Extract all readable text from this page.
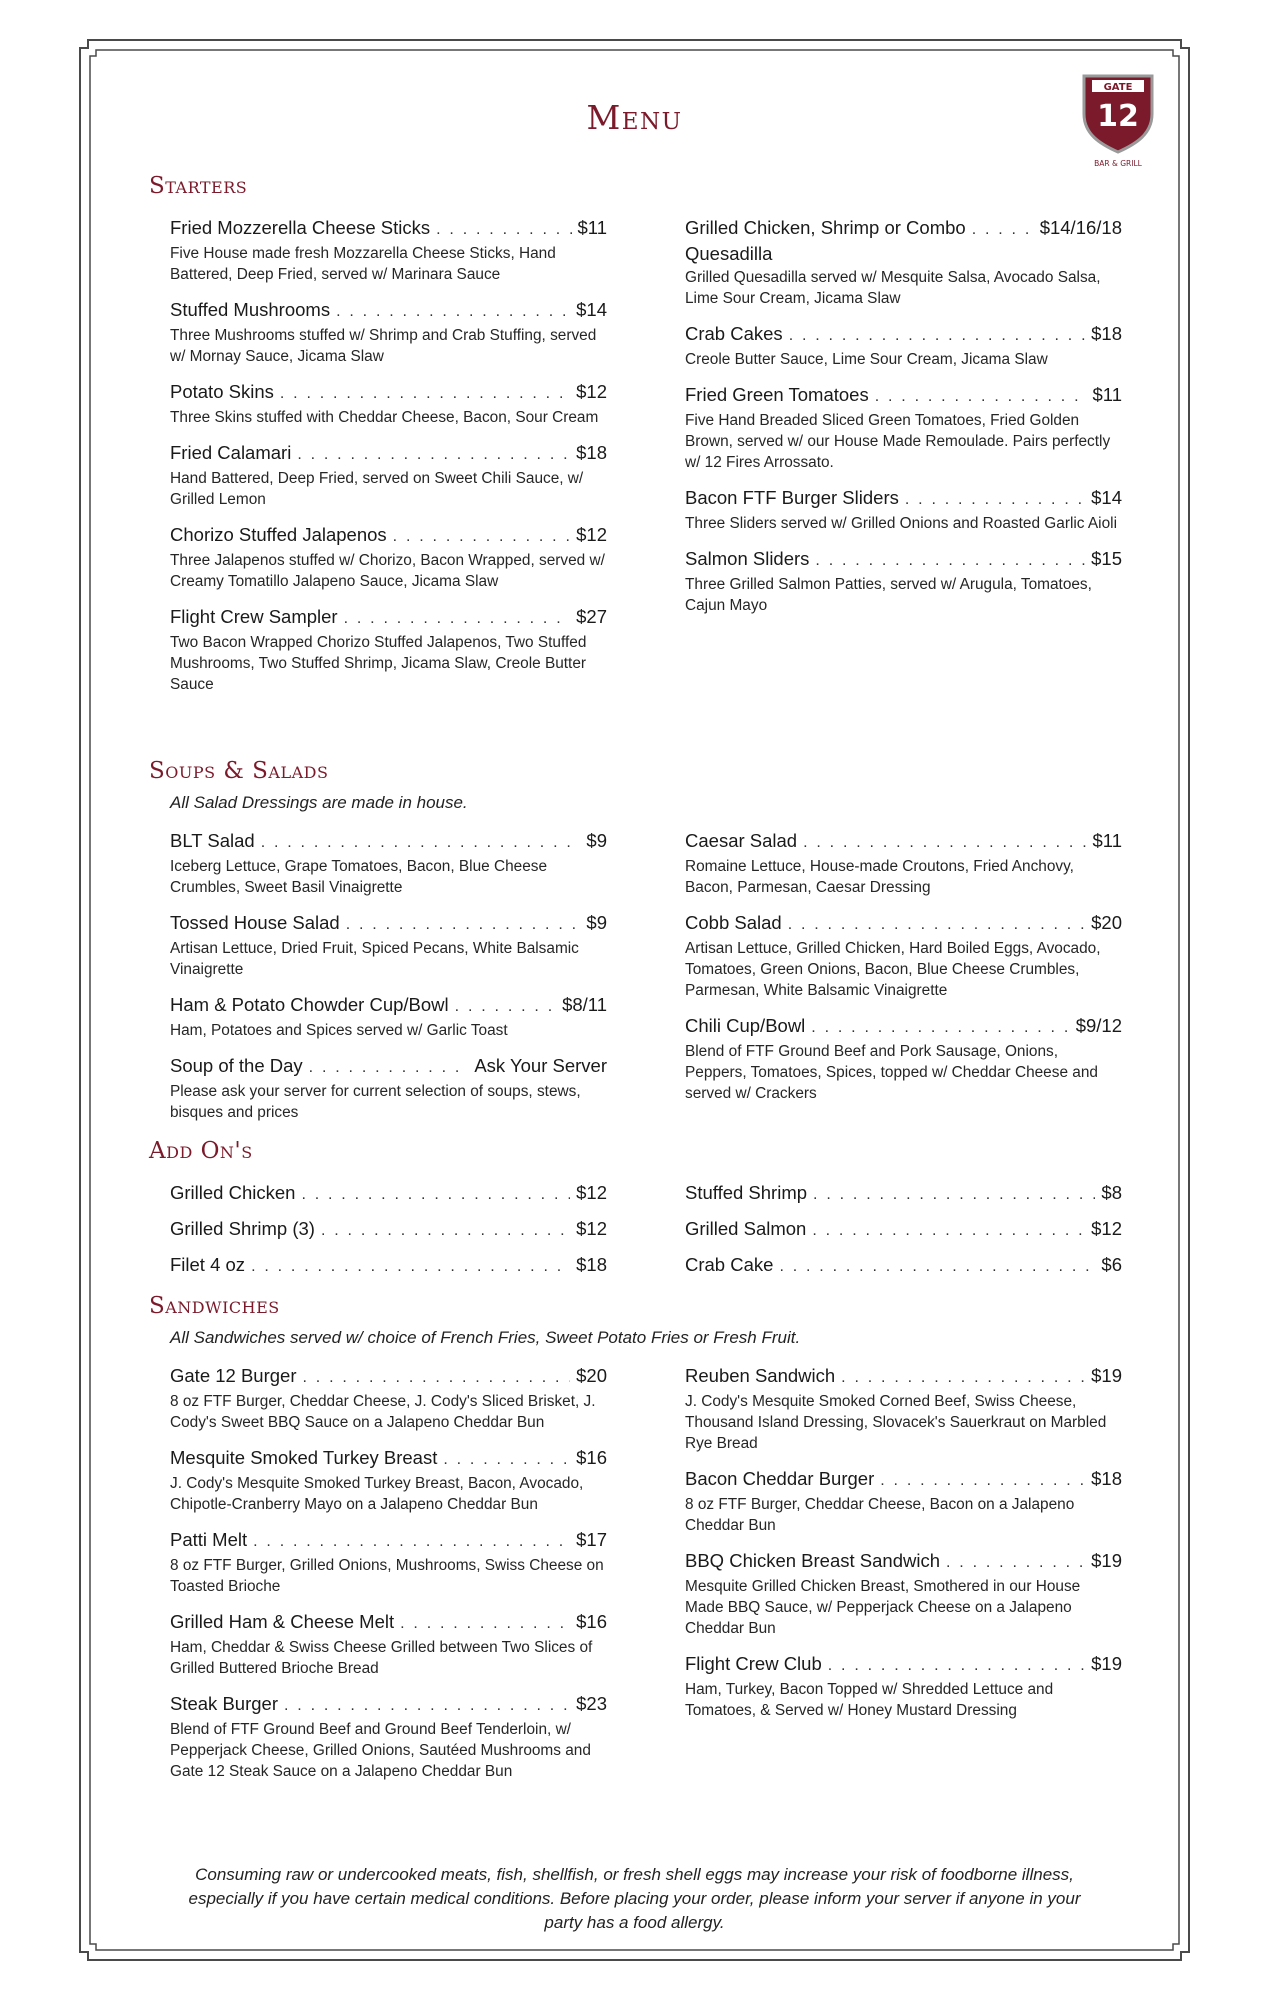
Menu
GATE
12
BAR & GRILL
Starters
Fried Mozzerella Cheese Sticks . . .	$11
Five House made fresh Mozzarella Cheese Sticks, Hand Battered, Deep Fried, served w/ Marinara Sauce
Stuffed Mushrooms . . .	$14
Three Mushrooms stuffed w/ Shrimp and Crab Stuffing, served w/ Mornay Sauce, Jicama Slaw
Potato Skins . . .	$12
Three Skins stuffed with Cheddar Cheese, Bacon, Sour Cream
Fried Calamari . . .	$18
Hand Battered, Deep Fried, served on Sweet Chili Sauce, w/ Grilled Lemon
Chorizo Stuffed Jalapenos . . .	$12
Three Jalapenos stuffed w/ Chorizo, Bacon Wrapped, served w/ Creamy Tomatillo Jalapeno Sauce, Jicama Slaw
Flight Crew Sampler . . .	$27
Two Bacon Wrapped Chorizo Stuffed Jalapenos, Two Stuffed Mushrooms, Two Stuffed Shrimp, Jicama Slaw, Creole Butter Sauce
Grilled Chicken, Shrimp or Combo . . .	$14/16/18
Quesadilla
Grilled Quesadilla served w/ Mesquite Salsa, Avocado Salsa, Lime Sour Cream, Jicama Slaw
Crab Cakes . . .	$18
Creole Butter Sauce, Lime Sour Cream, Jicama Slaw
Fried Green Tomatoes . . .	$11
Five Hand Breaded Sliced Green Tomatoes, Fried Golden Brown, served w/ our House Made Remoulade. Pairs perfectly w/ 12 Fires Arrossato.
Bacon FTF Burger Sliders . . .	$14
Three Sliders served w/ Grilled Onions and Roasted Garlic Aioli
Salmon Sliders . . .	$15
Three Grilled Salmon Patties, served w/ Arugula, Tomatoes, Cajun Mayo
Soups & Salads
All Salad Dressings are made in house.
BLT Salad . . .	$9
Iceberg Lettuce, Grape Tomatoes, Bacon, Blue Cheese Crumbles, Sweet Basil Vinaigrette
Tossed House Salad . . .	$9
Artisan Lettuce, Dried Fruit, Spiced Pecans, White Balsamic Vinaigrette
Ham & Potato Chowder Cup/Bowl . . .	$8/11
Ham, Potatoes and Spices served w/ Garlic Toast
Soup of the Day . . .	Ask Your Server
Please ask your server for current selection of soups, stews, bisques and prices
Caesar Salad . . .	$11
Romaine Lettuce, House-made Croutons, Fried Anchovy, Bacon, Parmesan, Caesar Dressing
Cobb Salad . . .	$20
Artisan Lettuce, Grilled Chicken, Hard Boiled Eggs, Avocado, Tomatoes, Green Onions, Bacon, Blue Cheese Crumbles, Parmesan, White Balsamic Vinaigrette
Chili Cup/Bowl . . .	$9/12
Blend of FTF Ground Beef and Pork Sausage, Onions, Peppers, Tomatoes, Spices, topped w/ Cheddar Cheese and served w/ Crackers
Add On's
Grilled Chicken . . .	$12
Grilled Shrimp (3) . . .	$12
Filet 4 oz . . .	$18
Stuffed Shrimp . . .	$8
Grilled Salmon . . .	$12
Crab Cake . . .	$6
Sandwiches
All Sandwiches served w/ choice of French Fries, Sweet Potato Fries or Fresh Fruit.
Gate 12 Burger . . .	$20
8 oz FTF Burger, Cheddar Cheese, J. Cody's Sliced Brisket, J. Cody's Sweet BBQ Sauce on a Jalapeno Cheddar Bun
Mesquite Smoked Turkey Breast . . .	$16
J. Cody's Mesquite Smoked Turkey Breast, Bacon, Avocado, Chipotle-Cranberry Mayo on a Jalapeno Cheddar Bun
Patti Melt . . .	$17
8 oz FTF Burger, Grilled Onions, Mushrooms, Swiss Cheese on Toasted Brioche
Grilled Ham & Cheese Melt . . .	$16
Ham, Cheddar & Swiss Cheese Grilled between Two Slices of Grilled Buttered Brioche Bread
Steak Burger . . .	$23
Blend of FTF Ground Beef and Ground Beef Tenderloin, w/ Pepperjack Cheese, Grilled Onions, Sautéed Mushrooms and Gate 12 Steak Sauce on a Jalapeno Cheddar Bun
Reuben Sandwich . . .	$19
J. Cody's Mesquite Smoked Corned Beef, Swiss Cheese, Thousand Island Dressing, Slovacek's Sauerkraut on Marbled Rye Bread
Bacon Cheddar Burger . . .	$18
8 oz FTF Burger, Cheddar Cheese, Bacon on a Jalapeno Cheddar Bun
BBQ Chicken Breast Sandwich . . .	$19
Mesquite Grilled Chicken Breast, Smothered in our House Made BBQ Sauce, w/ Pepperjack Cheese on a Jalapeno Cheddar Bun
Flight Crew Club . . .	$19
Ham, Turkey, Bacon Topped w/ Shredded Lettuce and Tomatoes, & Served w/ Honey Mustard Dressing

Consuming raw or undercooked meats, fish, shellfish, or fresh shell eggs may increase your risk of foodborne illness, especially if you have certain medical conditions. Before placing your order, please inform your server if anyone in your party has a food allergy.
